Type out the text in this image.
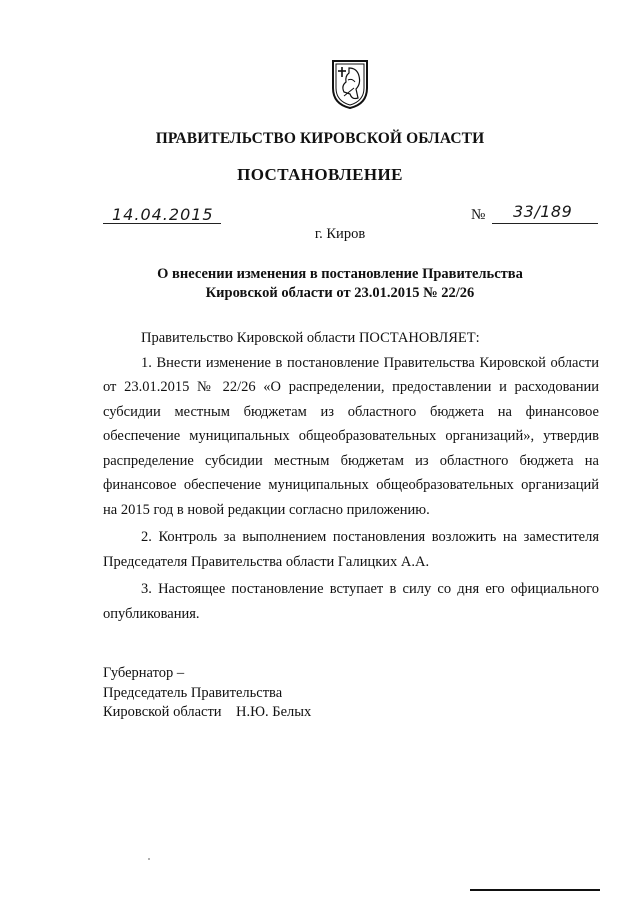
ПРАВИТЕЛЬСТВО КИРОВСКОЙ ОБЛАСТИ
ПОСТАНОВЛЕНИЕ
14.04.2015	№ 33/189
г. Киров
О внесении изменения в постановление Правительства
Кировской области от 23.01.2015 № 22/26

Правительство Кировской области ПОСТАНОВЛЯЕТ:

1. Внести изменение в постановление Правительства Кировской области от 23.01.2015 № 22/26 «О распределении, предоставлении и расходовании субсидии местным бюджетам из областного бюджета на финансовое обеспечение муниципальных общеобразовательных организаций», утвердив распределение субсидии местным бюджетам из областного бюджета на финансовое обеспечение муниципальных общеобразовательных организаций на 2015 год в новой редакции согласно приложению.

2. Контроль за выполнением постановления возложить на заместителя Председателя Правительства области Галицких А.А.

3. Настоящее постановление вступает в силу со дня его официального опубликования.

Губернатор –
Председатель Правительства
Кировской области    Н.Ю. Белых
